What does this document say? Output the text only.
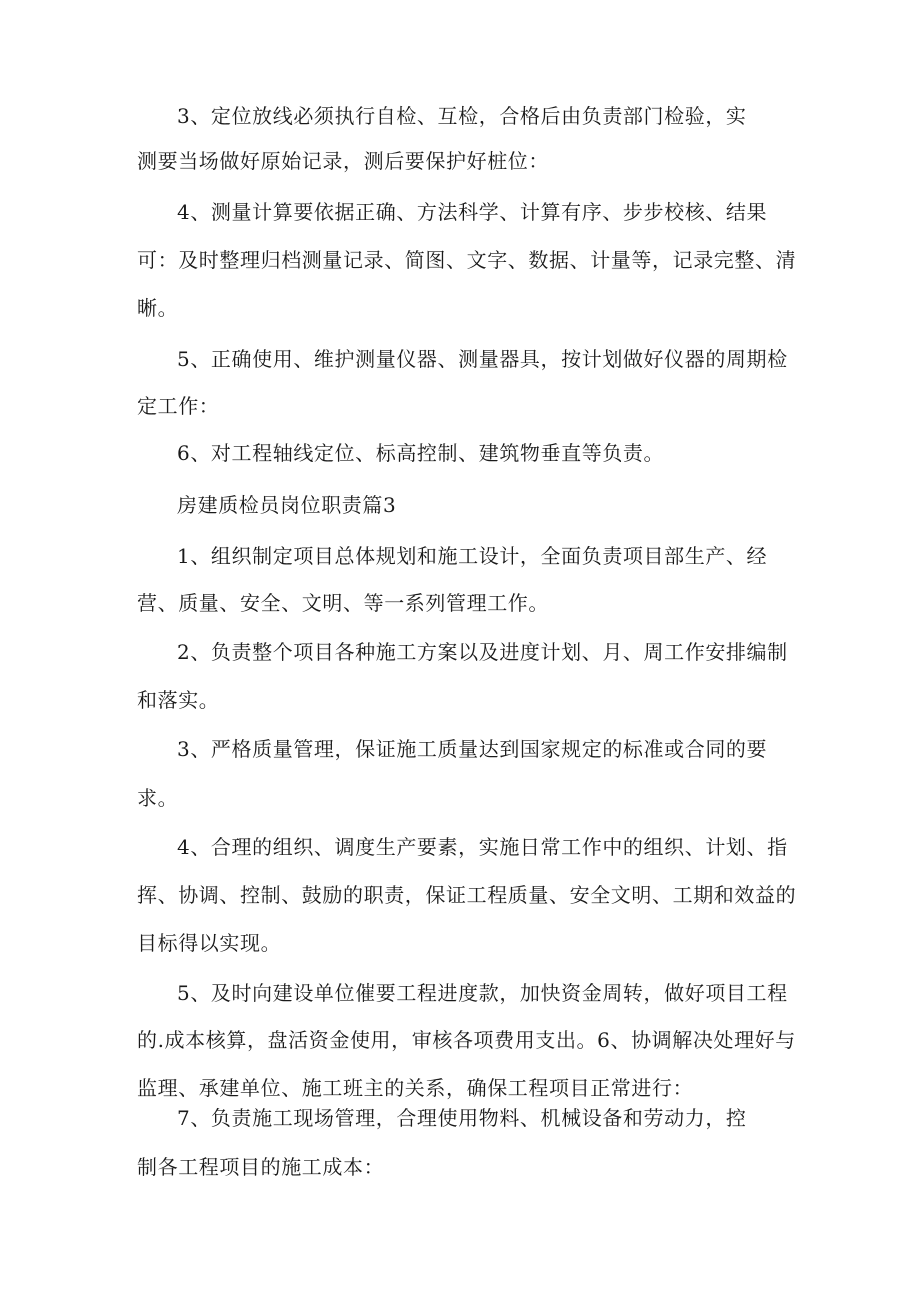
3、定位放线必须执行自检、互检，合格后由负责部门检验，实
测要当场做好原始记录，测后要保护好桩位：
4、测量计算要依据正确、方法科学、计算有序、步步校核、结果
可：及时整理归档测量记录、简图、文字、数据、计量等，记录完整、清
晰。
5、正确使用、维护测量仪器、测量器具，按计划做好仪器的周期检
定工作：
6、对工程轴线定位、标高控制、建筑物垂直等负责。
房建质检员岗位职责篇3
1、组织制定项目总体规划和施工设计，全面负责项目部生产、经
营、质量、安全、文明、等一系列管理工作。
2、负责整个项目各种施工方案以及进度计划、月、周工作安排编制
和落实。
3、严格质量管理，保证施工质量达到国家规定的标准或合同的要
求。
4、合理的组织、调度生产要素，实施日常工作中的组织、计划、指
挥、协调、控制、鼓励的职责，保证工程质量、安全文明、工期和效益的
目标得以实现。
5、及时向建设单位催要工程进度款，加快资金周转，做好项目工程
的.成本核算，盘活资金使用，审核各项费用支出。6、协调解决处理好与
监理、承建单位、施工班主的关系，确保工程项目正常进行：
7、负责施工现场管理，合理使用物料、机械设备和劳动力，控
制各工程项目的施工成本：
